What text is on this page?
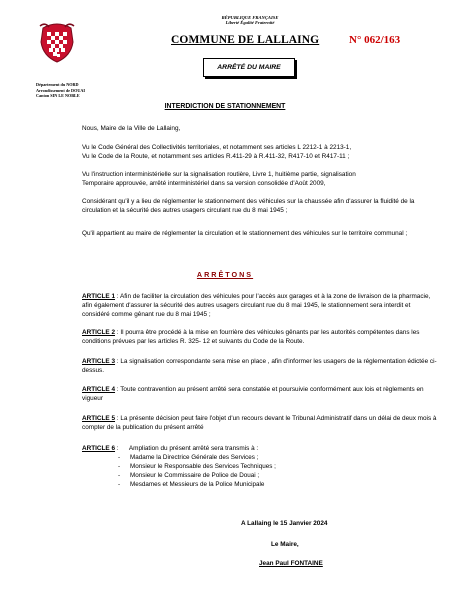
RÉPUBLIQUE FRANÇAISE
Liberté Égalité Fraternité
COMMUNE DE LALLAING	N° 062/163
ARRÊTÉ DU MAIRE
Département du NORD
Arrondissement de DOUAI
Canton SIN LE NOBLE
INTERDICTION DE STATIONNEMENT

Nous, Maire de la Ville de Lallaing,

Vu le Code Général des Collectivités territoriales, et notamment ses articles L 2212-1 à 2213-1,

Vu le Code de la Route, et notamment ses articles R.411-29 à R.411-32, R417-10 et R417-11 ;

Vu l'instruction interministérielle sur la signalisation routière, Livre 1, huitième partie, signalisation

Temporaire approuvée, arrêté interministériel dans sa version consolidée d'Août 2009,

Considérant qu'il y a lieu de réglementer le stationnement des véhicules sur la chaussée afin d'assurer la fluidité de la circulation et la sécurité des autres usagers circulant rue du 8 mai 1945 ;

Qu'il appartient au maire de réglementer la circulation et le stationnement des véhicules sur le territoire communal ;

ARRÊTONS

ARTICLE 1 : Afin de faciliter la circulation des véhicules pour l'accès aux garages et à la zone de livraison de la pharmacie, afin également d'assurer la sécurité des autres usagers circulant rue du 8 mai 1945, le stationnement sera interdit et considéré comme gênant rue du 8 mai 1945 ;

ARTICLE 2 : Il pourra être procédé à la mise en fourrière des véhicules gênants par les autorités compétentes dans les conditions prévues par les articles R. 325- 12 et suivants du Code de la Route.

ARTICLE 3 : La signalisation correspondante sera mise en place , afin d'informer les usagers de la réglementation édictée ci-dessus.

ARTICLE 4 : Toute contravention au présent arrêté sera constatée et poursuivie conformément aux lois et règlements en vigueur

ARTICLE 5 : La présente décision peut faire l'objet d'un recours devant le Tribunal Administratif dans un délai de deux mois à compter de la publication du présent arrêté

ARTICLE 6 :      Ampliation du présent arrêté sera transmis à :

-	Madame la Directrice Générale des Services ;
-	Monsieur le Responsable des Services Techniques ;
-	Monsieur le Commissaire de Police de Douai ;
-	Mesdames et Messieurs de la Police Municipale
A Lallaing le 15 Janvier 2024
Le Maire,
Jean Paul FONTAINE
